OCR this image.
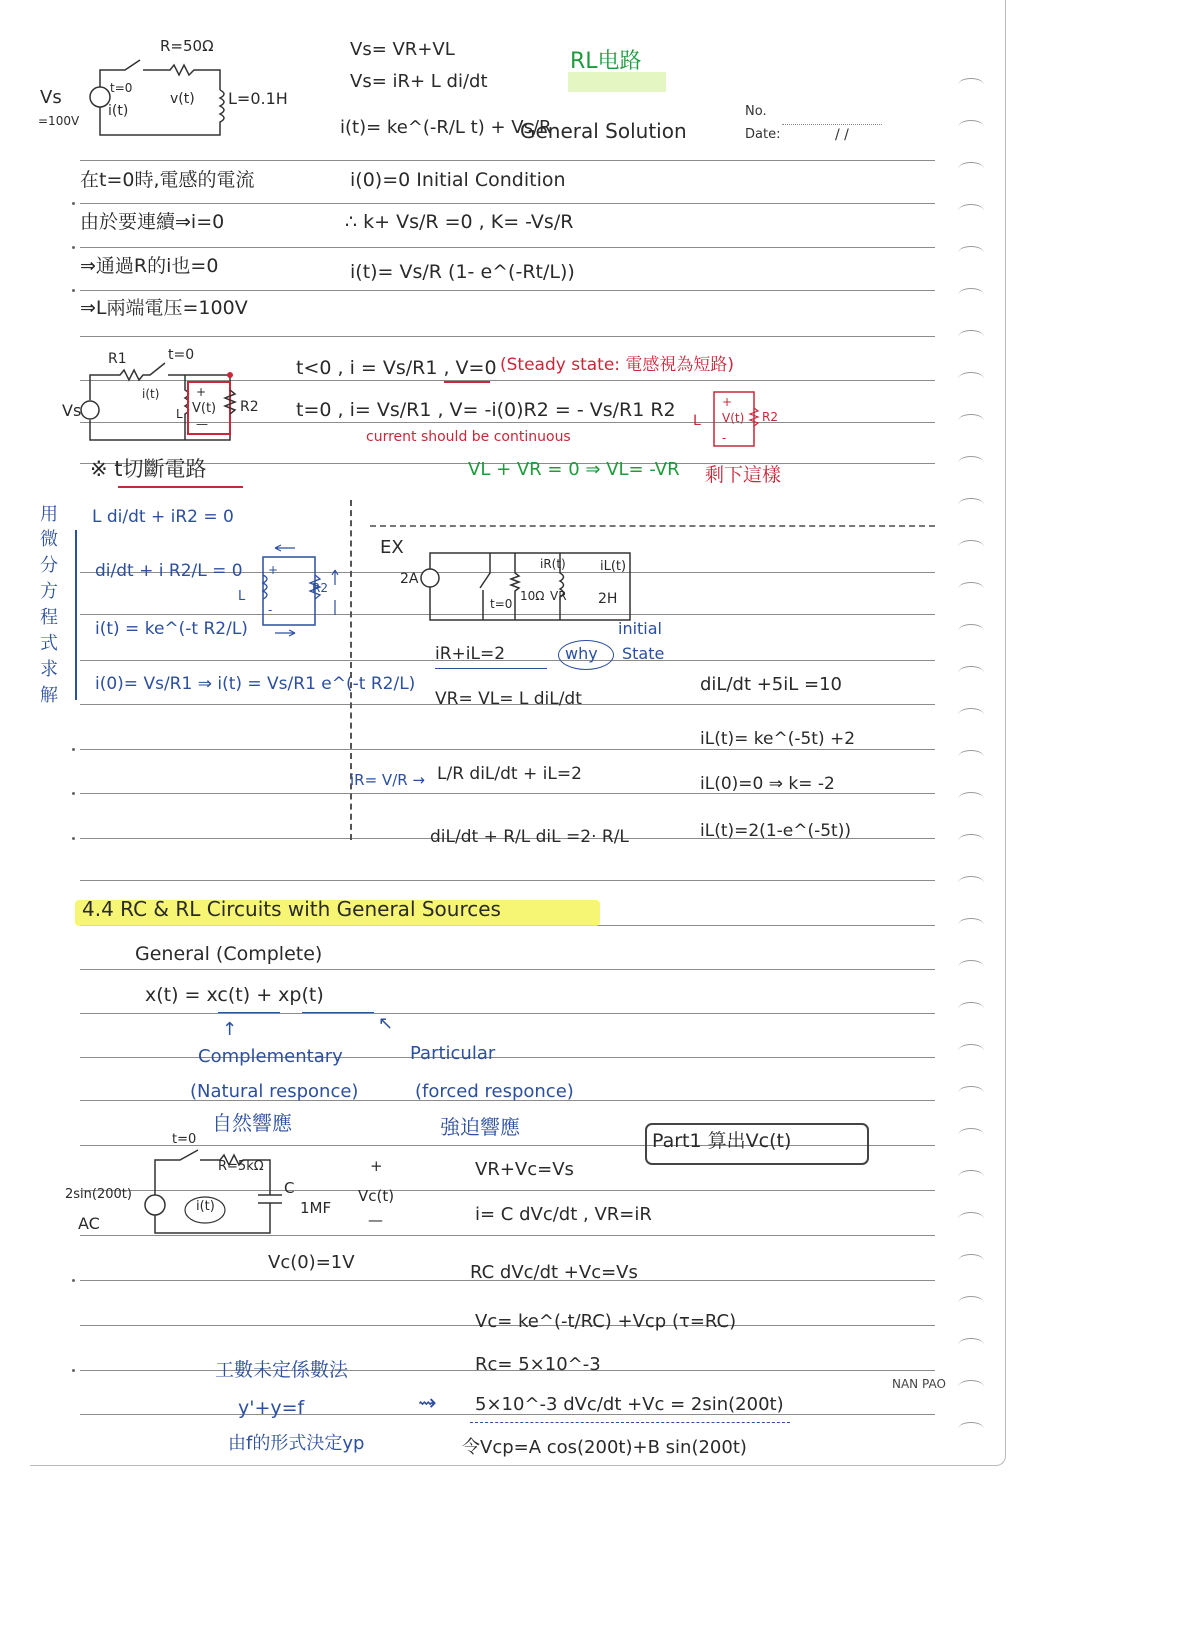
No.
Date:	/ /
RL电路
NAN PAO
R=50Ω
t=0
Vs
=100V
i(t)
v(t) L=0.1H
Vs= VR+VL
Vs= iR+ L di/dt
i(t)= ke^(-R/L t) + Vs/R
General Solution
在t=0時,電感的電流
由於要連續⇒i=0
⇒通過R的i也=0
⇒L兩端電压=100V
i(0)=0 Initial Condition
∴ k+ Vs/R =0 , K= -Vs/R
i(t)= Vs/R (1- e^(-Rt/L))
R1	t=0
Vs
i(t)
L V(t)
+
—
R2
t<0 , i = Vs/R1 , V=0 (Steady state: 電感視為短路)
t=0 , i= Vs/R1 , V= -i(0)R2 = - Vs/R1 R2
current should be continuous
VL + VR = 0 ⇒ VL= -VR 剩下這樣
※ t切斷電路
L V(t) R2
+
-
用
微
分
方
程
式
求
解
L di/dt + iR2 = 0
di/dt + i R2/L = 0
i(t) = ke^(-t R2/L)
i(0)= Vs/R1 ⇒ i(t) = Vs/R1 e^(-t R2/L)
L
R2
+
-
EX
2A
t=0
10Ω VR 2H
iR(t)	iL(t)
iR+iL=2	why
initial
State
VR= VL= L diL/dt
iR= V/R → L/R diL/dt + iL=2
diL/dt + R/L diL =2· R/L
diL/dt +5iL =10
iL(t)= ke^(-5t) +2
iL(0)=0 ⇒ k= -2
iL(t)=2(1-e^(-5t))
4.4 RC & RL Circuits with General Sources
General (Complete)
x(t) = xc(t) + xp(t)
↑	↖
Complementary
(Natural responce)
自然響應
Particular
(forced responce)
強迫響應
Part1 算出Vc(t)
t=0
R=5kΩ
C
1MF
2sin(200t)
AC
i(t)
Vc(t)
+
—
Vc(0)=1V
VR+Vc=Vs
i= C dVc/dt , VR=iR
RC dVc/dt +Vc=Vs
Vc= ke^(-t/RC) +Vcp (τ=RC)
Rc= 5×10^-3
5×10^-3 dVc/dt +Vc = 2sin(200t)
令Vcp=A cos(200t)+B sin(200t)
工數未定係數法
y'+y=f
由f的形式決定yp
⇝
